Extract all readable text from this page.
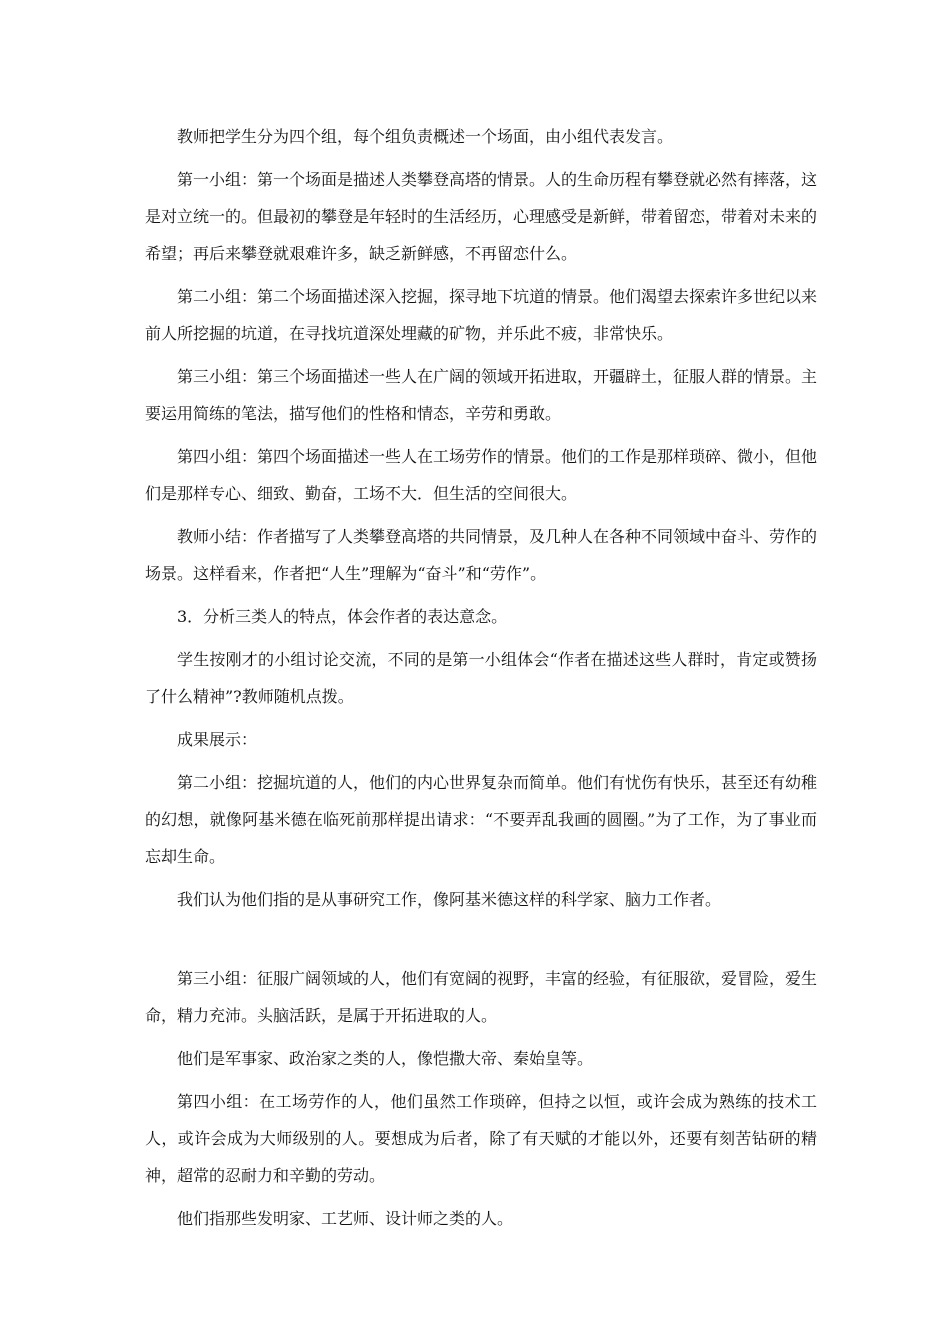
教师把学生分为四个组，每个组负责概述一个场面，由小组代表发言。

第一小组：第一个场面是描述人类攀登高塔的情景。人的生命历程有攀登就必然有摔落，这是对立统一的。但最初的攀登是年轻时的生活经历，心理感受是新鲜，带着留恋，带着对未来的希望；再后来攀登就艰难许多，缺乏新鲜感，不再留恋什么。

第二小组：第二个场面描述深入挖掘，探寻地下坑道的情景。他们渴望去探索许多世纪以来前人所挖掘的坑道，在寻找坑道深处埋藏的矿物，并乐此不疲，非常快乐。

第三小组：第三个场面描述一些人在广阔的领域开拓进取，开疆辟土，征服人群的情景。主要运用简练的笔法，描写他们的性格和情态，辛劳和勇敢。

第四小组：第四个场面描述一些人在工场劳作的情景。他们的工作是那样琐碎、微小，但他们是那样专心、细致、勤奋，工场不大．但生活的空间很大。

教师小结：作者描写了人类攀登高塔的共同情景，及几种人在各种不同领域中奋斗、劳作的场景。这样看来，作者把“人生”理解为“奋斗”和“劳作”。

3．分析三类人的特点，体会作者的表达意念。

学生按刚才的小组讨论交流，不同的是第一小组体会“作者在描述这些人群时，肯定或赞扬了什么精神”?教师随机点拨。

成果展示：

第二小组：挖掘坑道的人，他们的内心世界复杂而简单。他们有忧伤有快乐，甚至还有幼稚的幻想，就像阿基米德在临死前那样提出请求：“不要弄乱我画的圆圈。”为了工作，为了事业而忘却生命。

我们认为他们指的是从事研究工作，像阿基米德这样的科学家、脑力工作者。

第三小组：征服广阔领域的人，他们有宽阔的视野，丰富的经验，有征服欲，爱冒险，爱生命，精力充沛。头脑活跃，是属于开拓进取的人。

他们是军事家、政治家之类的人，像恺撒大帝、秦始皇等。

第四小组：在工场劳作的人，他们虽然工作琐碎，但持之以恒，或许会成为熟练的技术工人，或许会成为大师级别的人。要想成为后者，除了有天赋的才能以外，还要有刻苦钻研的精神，超常的忍耐力和辛勤的劳动。

他们指那些发明家、工艺师、设计师之类的人。
